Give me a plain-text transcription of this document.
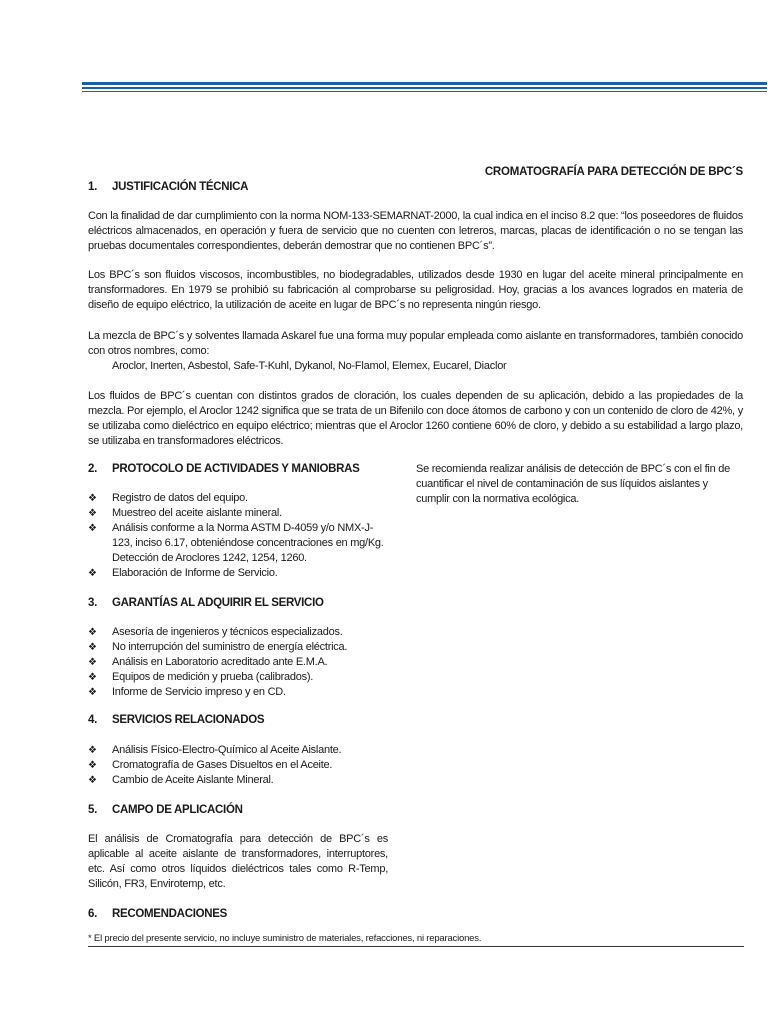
CROMATOGRAFÍA PARA DETECCIÓN DE BPC´S
1. JUSTIFICACIÓN TÉCNICA
Con la finalidad de dar cumplimiento con la norma NOM-133-SEMARNAT-2000, la cual indica en el inciso 8.2 que: “los poseedores de fluidos eléctricos almacenados, en operación y fuera de servicio que no cuenten con letreros, marcas, placas de identificación o no se tengan las pruebas documentales correspondientes, deberán demostrar que no contienen BPC´s”.
Los BPC´s son fluidos viscosos, incombustibles, no biodegradables, utilizados desde 1930 en lugar del aceite mineral principalmente en transformadores. En 1979 se prohibió su fabricación al comprobarse su peligrosidad. Hoy, gracias a los avances logrados en materia de diseño de equipo eléctrico, la utilización de aceite en lugar de BPC´s no representa ningún riesgo.
La mezcla de BPC´s y solventes llamada Askarel fue una forma muy popular empleada como aislante en transformadores, también conocido con otros nombres, como:
Aroclor, Inerten, Asbestol, Safe-T-Kuhl, Dykanol, No-Flamol, Elemex, Eucarel, Diaclor
Los fluidos de BPC´s cuentan con distintos grados de cloración, los cuales dependen de su aplicación, debido a las propiedades de la mezcla. Por ejemplo, el Aroclor 1242 significa que se trata de un Bifenilo con doce átomos de carbono y con un contenido de cloro de 42%, y se utilizaba como dieléctrico en equipo eléctrico; mientras que el Aroclor 1260 contiene 60% de cloro, y debido a su estabilidad a largo plazo, se utilizaba en transformadores eléctricos.
2. PROTOCOLO DE ACTIVIDADES Y MANIOBRAS
❖ Registro de datos del equipo.
❖ Muestreo del aceite aislante mineral.
❖ Análisis conforme a la Norma ASTM D-4059 y/o NMX-J-123, inciso 6.17, obteniéndose concentraciones en mg/Kg.
Detección de Aroclores 1242, 1254, 1260.
❖ Elaboración de Informe de Servicio.
3. GARANTÍAS AL ADQUIRIR EL SERVICIO
❖ Asesoría de ingenieros y técnicos especializados.
❖ No interrupción del suministro de energía eléctrica.
❖ Análisis en Laboratorio acreditado ante E.M.A.
❖ Equipos de medición y prueba (calibrados).
❖ Informe de Servicio impreso y en CD.
4. SERVICIOS RELACIONADOS
❖ Análisis Físico-Electro-Químico al Aceite Aislante.
❖ Cromatografía de Gases Disueltos en el Aceite.
❖ Cambio de Aceite Aislante Mineral.
5. CAMPO DE APLICACIÓN
El análisis de Cromatografía para detección de BPC´s es aplicable al aceite aislante de transformadores, interruptores, etc. Así como otros líquidos dieléctricos tales como R-Temp, Silicón, FR3, Envirotemp, etc.
6. RECOMENDACIONES
Se recomienda realizar análisis de detección de BPC´s con el fin de cuantificar el nivel de contaminación de sus líquidos aislantes y cumplir con la normativa ecológica.
* El precio del presente servicio, no incluye suministro de materiales, refacciones, ni reparaciones.
